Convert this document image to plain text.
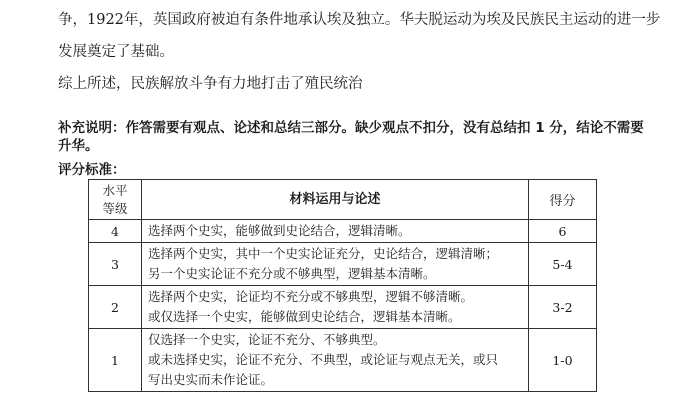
争，1922年，英国政府被迫有条件地承认埃及独立。华夫脱运动为埃及民族民主运动的进一步
发展奠定了基础。
综上所述，民族解放斗争有力地打击了殖民统治
补充说明：作答需要有观点、论述和总结三部分。缺少观点不扣分，没有总结扣 1 分，结论不需要升华。
评分标准：
水平
等级	材料运用与论述	得分
4	选择两个史实，能够做到史论结合，逻辑清晰。	6
3	选择两个史实，其中一个史实论证充分，史论结合，逻辑清晰；
另一个史实论证不充分或不够典型，逻辑基本清晰。	5-4
2	选择两个史实，论证均不充分或不够典型，逻辑不够清晰。
或仅选择一个史实，能够做到史论结合，逻辑基本清晰。	3-2
1	仅选择一个史实，论证不充分、不够典型。
或未选择史实，论证不充分、不典型，或论证与观点无关，或只
写出史实而未作论证。	1-0
